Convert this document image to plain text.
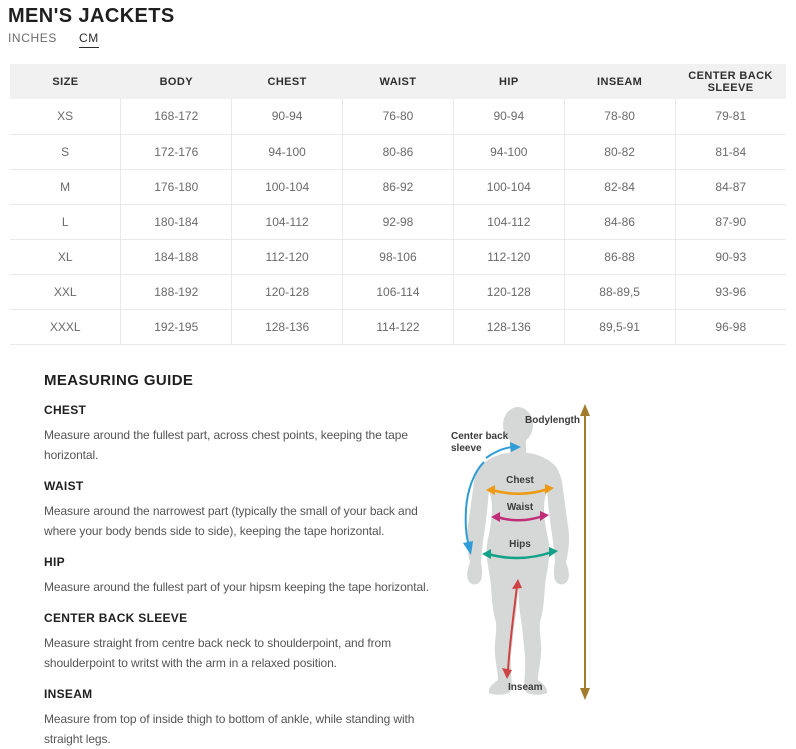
MEN'S JACKETS
INCHES CM
SIZE	BODY	CHEST	WAIST	HIP	INSEAM	CENTER BACK SLEEVE
XS	168-172	90-94	76-80	90-94	78-80	79-81
S	172-176	94-100	80-86	94-100	80-82	81-84
M	176-180	100-104	86-92	100-104	82-84	84-87
L	180-184	104-112	92-98	104-112	84-86	87-90
XL	184-188	112-120	98-106	112-120	86-88	90-93
XXL	188-192	120-128	106-114	120-128	88-89,5	93-96
XXXL	192-195	128-136	114-122	128-136	89,5-91	96-98
MEASURING GUIDE
CHEST

Measure around the fullest part, across chest points, keeping the tape horizontal.

WAIST

Measure around the narrowest part (typically the small of your back and where your body bends side to side), keeping the tape horizontal.

HIP

Measure around the fullest part of your hipsm keeping the tape horizontal.

CENTER BACK SLEEVE

Measure straight from centre back neck to shoulderpoint, and from shoulderpoint to writst with the arm in a relaxed position.

INSEAM

Measure from top of inside thigh to bottom of ankle, while standing with straight legs.

Bodylength
Center back
sleeve
Chest
Waist
Hips
Inseam
